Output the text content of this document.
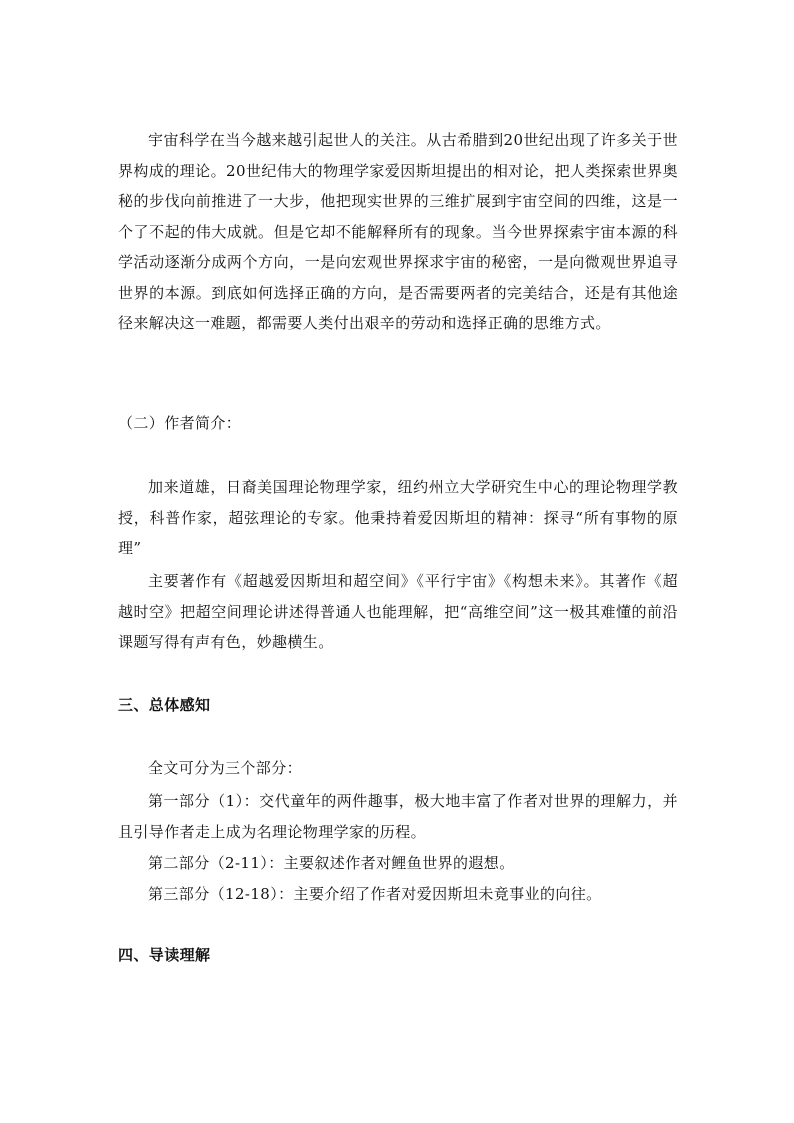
宇宙科学在当今越来越引起世人的关注。从古希腊到20世纪出现了许多关于世界构成的理论。20世纪伟大的物理学家爱因斯坦提出的相对论，把人类探索世界奥秘的步伐向前推进了一大步，他把现实世界的三维扩展到宇宙空间的四维，这是一个了不起的伟大成就。但是它却不能解释所有的现象。当今世界探索宇宙本源的科学活动逐渐分成两个方向，一是向宏观世界探求宇宙的秘密，一是向微观世界追寻世界的本源。到底如何选择正确的方向，是否需要两者的完美结合，还是有其他途径来解决这一难题，都需要人类付出艰辛的劳动和选择正确的思维方式。

（二）作者简介：

加来道雄，日裔美国理论物理学家，纽约州立大学研究生中心的理论物理学教授，科普作家，超弦理论的专家。他秉持着爱因斯坦的精神：探寻“所有事物的原理”

主要著作有《超越爱因斯坦和超空间》《平行宇宙》《构想未来》。其著作《超越时空》把超空间理论讲述得普通人也能理解，把“高维空间”这一极其难懂的前沿课题写得有声有色，妙趣横生。

三、总体感知

全文可分为三个部分：

第一部分（1）：交代童年的两件趣事，极大地丰富了作者对世界的理解力，并且引导作者走上成为名理论物理学家的历程。

第二部分（2-11）：主要叙述作者对鲤鱼世界的遐想。

第三部分（12-18）：主要介绍了作者对爱因斯坦未竟事业的向往。

四、导读理解
